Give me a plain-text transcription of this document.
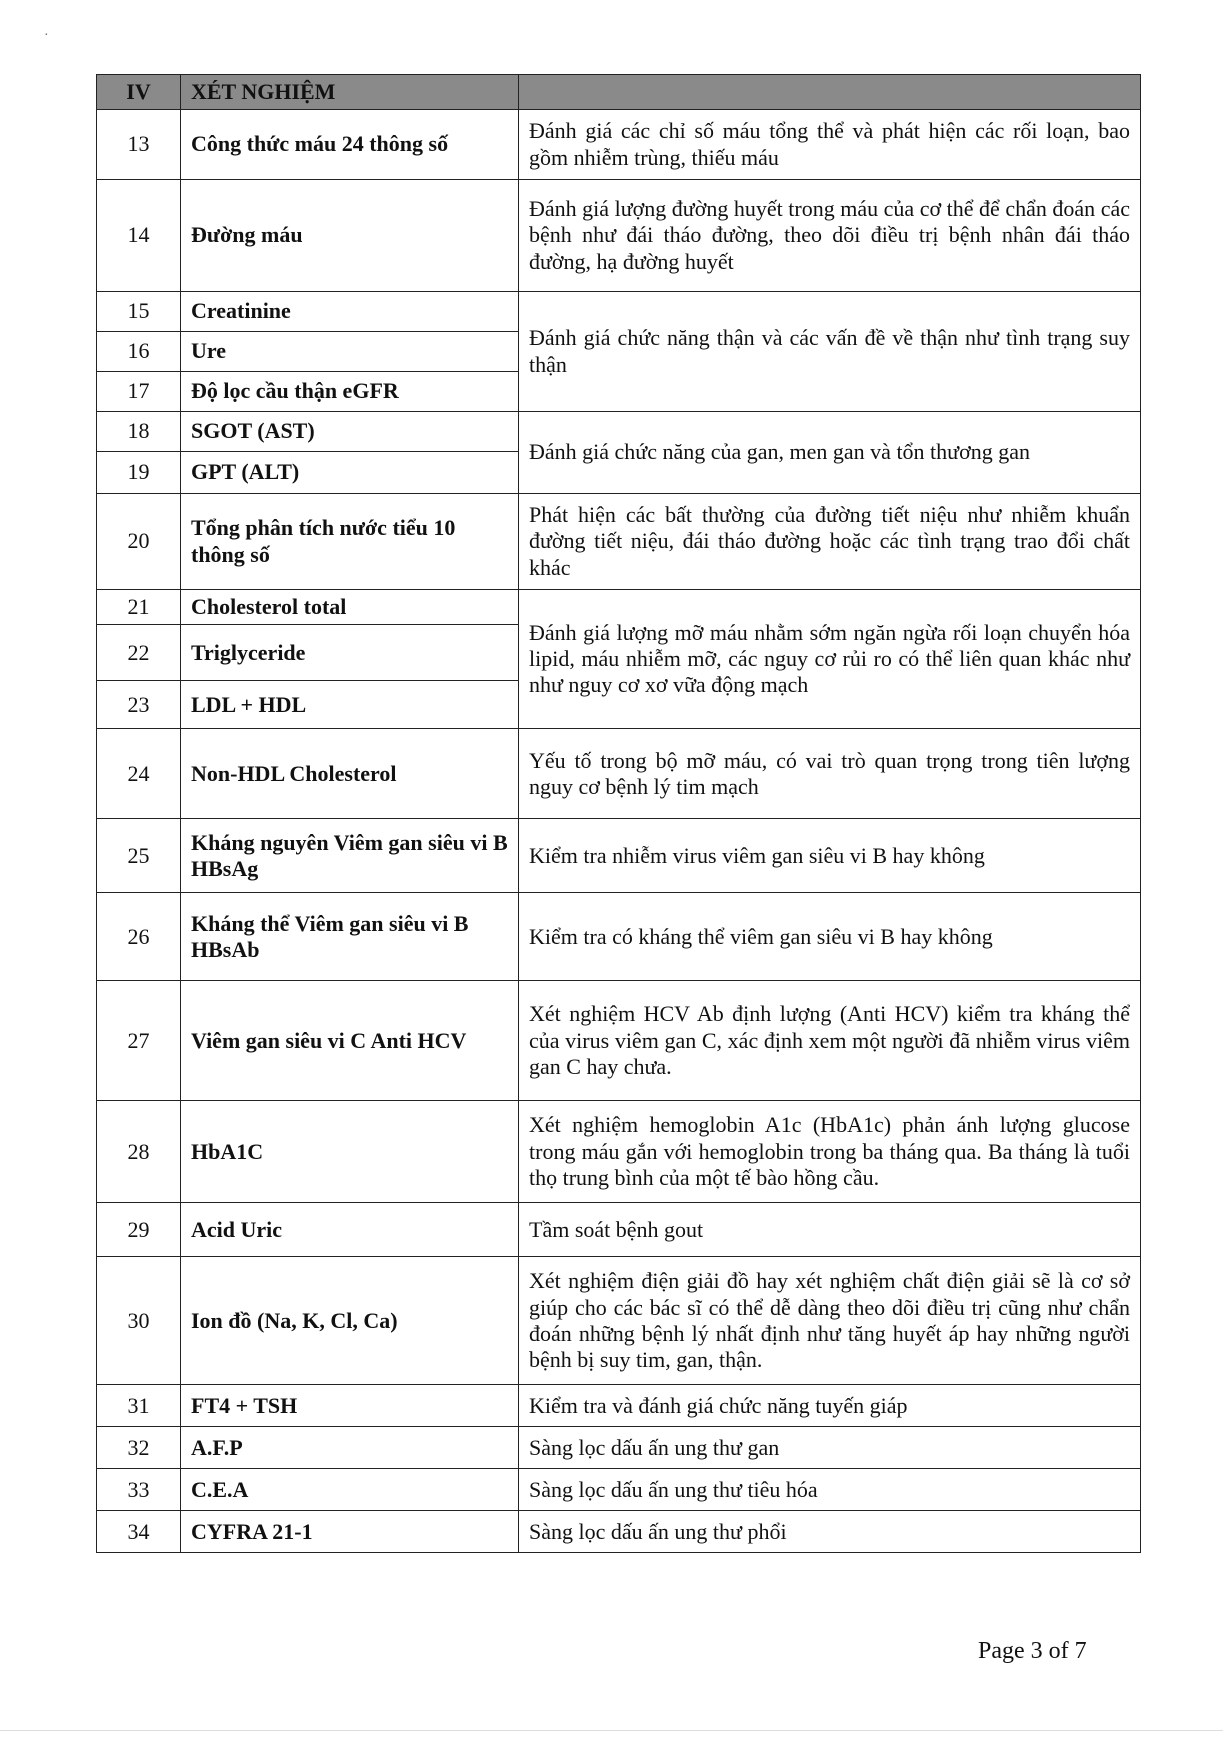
·
IV	XÉT NGHIỆM	
13	Công thức máu 24 thông số	Đánh giá các chỉ số máu tổng thể và phát hiện các rối loạn, bao gồm nhiễm trùng, thiếu máu
14	Đường máu	Đánh giá lượng đường huyết trong máu của cơ thể để chẩn đoán các bệnh như đái tháo đường, theo dõi điều trị bệnh nhân đái tháo đường, hạ đường huyết
15	Creatinine	Đánh giá chức năng thận và các vấn đề về thận như tình trạng suy thận
16	Ure	
17	Độ lọc cầu thận eGFR	
18	SGOT (AST)	Đánh giá chức năng của gan, men gan và tổn thương gan
19	GPT (ALT)	
20	Tổng phân tích nước tiểu 10 thông số	Phát hiện các bất thường của đường tiết niệu như nhiễm khuẩn đường tiết niệu, đái tháo đường hoặc các tình trạng trao đổi chất khác
21	Cholesterol total	Đánh giá lượng mỡ máu nhằm sớm ngăn ngừa rối loạn chuyển hóa lipid, máu nhiễm mỡ, các nguy cơ rủi ro có thể liên quan khác như như nguy cơ xơ vữa động mạch
22	Triglyceride	
23	LDL + HDL	
24	Non-HDL Cholesterol	Yếu tố trong bộ mỡ máu, có vai trò quan trọng trong tiên lượng nguy cơ bệnh lý tim mạch
25	Kháng nguyên Viêm gan siêu vi B HBsAg	Kiểm tra nhiễm virus viêm gan siêu vi B hay không
26	Kháng thể Viêm gan siêu vi B HBsAb	Kiểm tra có kháng thể viêm gan siêu vi B hay không
27	Viêm gan siêu vi C Anti HCV	Xét nghiệm HCV Ab định lượng (Anti HCV) kiểm tra kháng thể của virus viêm gan C, xác định xem một người đã nhiễm virus viêm gan C hay chưa.
28	HbA1C	Xét nghiệm hemoglobin A1c (HbA1c) phản ánh lượng glucose trong máu gắn với hemoglobin trong ba tháng qua. Ba tháng là tuổi thọ trung bình của một tế bào hồng cầu.
29	Acid Uric	Tầm soát bệnh gout
30	Ion đồ (Na, K, Cl, Ca)	Xét nghiệm điện giải đồ hay xét nghiệm chất điện giải sẽ là cơ sở giúp cho các bác sĩ có thể dễ dàng theo dõi điều trị cũng như chẩn đoán những bệnh lý nhất định như tăng huyết áp hay những người bệnh bị suy tim, gan, thận.
31	FT4 + TSH	Kiểm tra và đánh giá chức năng tuyến giáp
32	A.F.P	Sàng lọc dấu ấn ung thư gan
33	C.E.A	Sàng lọc dấu ấn ung thư tiêu hóa
34	CYFRA 21-1	Sàng lọc dấu ấn ung thư phổi
Page 3 of 7
